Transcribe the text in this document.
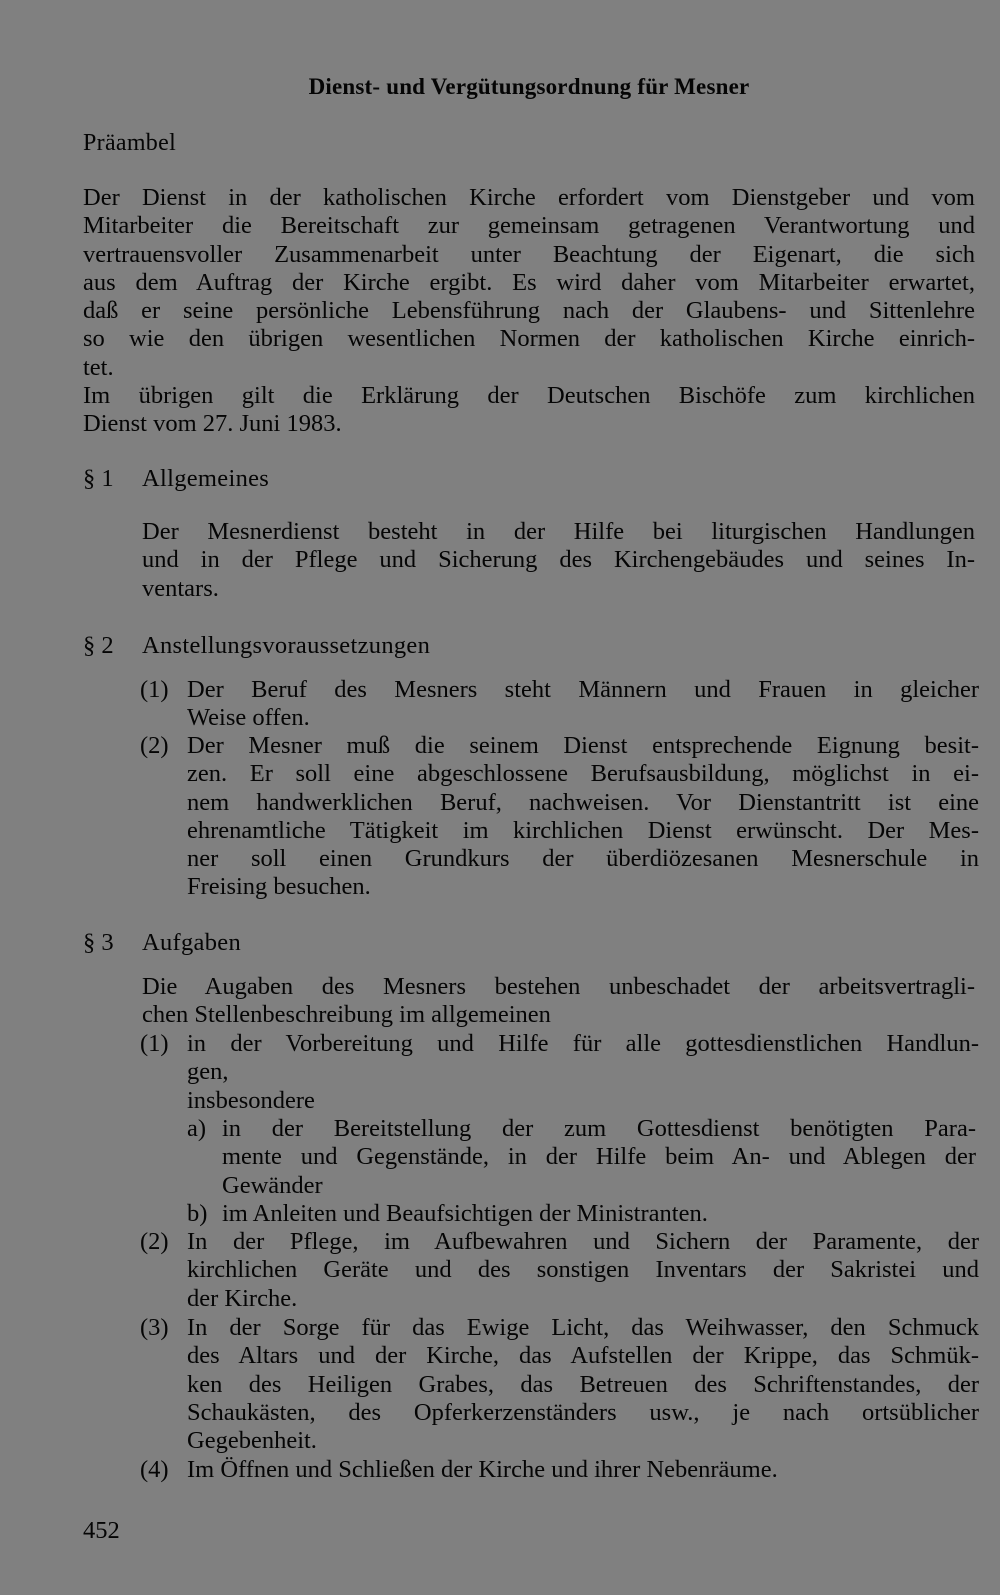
Dienst- und Vergütungsordnung für Mesner
Präambel
Der Dienst in der katholischen Kirche erfordert vom Dienstgeber und vom
Mitarbeiter die Bereitschaft zur gemeinsam getragenen Verantwortung und
vertrauensvoller Zusammenarbeit unter Beachtung der Eigenart, die sich
aus dem Auftrag der Kirche ergibt. Es wird daher vom Mitarbeiter erwartet,
daß er seine persönliche Lebensführung nach der Glaubens- und Sittenlehre
so wie den übrigen wesentlichen Normen der katholischen Kirche einrich-
tet.
Im übrigen gilt die Erklärung der Deutschen Bischöfe zum kirchlichen
Dienst vom 27. Juni 1983.
§ 1 Allgemeines
Der Mesnerdienst besteht in der Hilfe bei liturgischen Handlungen
und in der Pflege und Sicherung des Kirchengebäudes und seines In-
ventars.
§ 2 Anstellungsvoraussetzungen
(1) Der Beruf des Mesners steht Männern und Frauen in gleicher
Weise offen.
(2) Der Mesner muß die seinem Dienst entsprechende Eignung besit-
zen. Er soll eine abgeschlossene Berufsausbildung, möglichst in ei-
nem handwerklichen Beruf, nachweisen. Vor Dienstantritt ist eine
ehrenamtliche Tätigkeit im kirchlichen Dienst erwünscht. Der Mes-
ner soll einen Grundkurs der überdiözesanen Mesnerschule in
Freising besuchen.
§ 3 Aufgaben
Die Augaben des Mesners bestehen unbeschadet der arbeitsvertragli-
chen Stellenbeschreibung im allgemeinen
(1) in der Vorbereitung und Hilfe für alle gottesdienstlichen Handlun-
gen,
insbesondere
a) in der Bereitstellung der zum Gottesdienst benötigten Para-
mente und Gegenstände, in der Hilfe beim An- und Ablegen der
Gewänder
b) im Anleiten und Beaufsichtigen der Ministranten.
(2) In der Pflege, im Aufbewahren und Sichern der Paramente, der
kirchlichen Geräte und des sonstigen Inventars der Sakristei und
der Kirche.
(3) In der Sorge für das Ewige Licht, das Weihwasser, den Schmuck
des Altars und der Kirche, das Aufstellen der Krippe, das Schmük-
ken des Heiligen Grabes, das Betreuen des Schriftenstandes, der
Schaukästen, des Opferkerzenständers usw., je nach ortsüblicher
Gegebenheit.
(4) Im Öffnen und Schließen der Kirche und ihrer Nebenräume.
452
